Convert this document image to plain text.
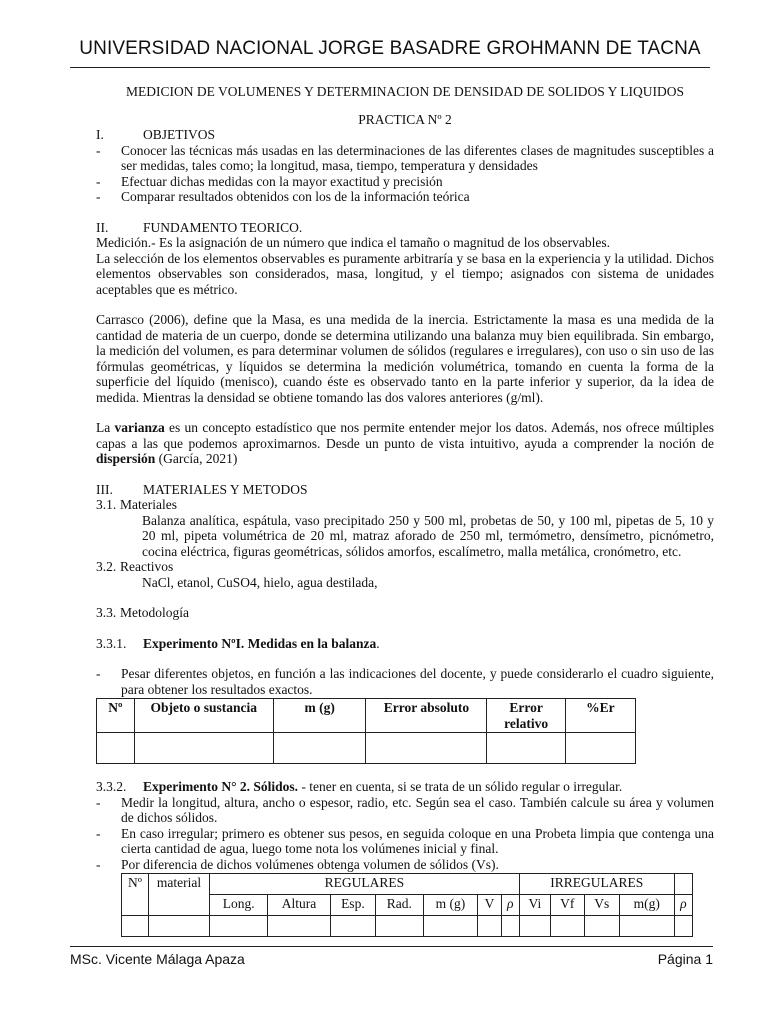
UNIVERSIDAD NACIONAL JORGE BASADRE GROHMANN DE TACNA
MEDICION DE VOLUMENES Y DETERMINACION DE DENSIDAD DE SOLIDOS Y LIQUIDOS
PRACTICA Nº 2
I.	OBJETIVOS
-	Conocer las técnicas más usadas en las determinaciones de las diferentes clases de magnitudes susceptibles a ser medidas, tales como; la longitud, masa, tiempo, temperatura y densidades
-	Efectuar dichas medidas con la mayor exactitud y precisión
-	Comparar resultados obtenidos con los de la información teórica
II.	FUNDAMENTO TEORICO.
Medición.- Es la asignación de un número que indica el tamaño o magnitud de los observables.
La selección de los elementos observables es puramente arbitraría y se basa en la experiencia y la utilidad. Dichos elementos observables son considerados, masa, longitud, y el tiempo; asignados con sistema de unidades aceptables que es métrico.
Carrasco (2006), define que la Masa, es una medida de la inercia. Estrictamente la masa es una medida de la cantidad de materia de un cuerpo, donde se determina utilizando una balanza muy bien equilibrada. Sin embargo, la medición del volumen, es para determinar volumen de sólidos (regulares e irregulares), con uso o sin uso de las fórmulas geométricas, y líquidos se determina la medición volumétrica, tomando en cuenta la forma de la superficie del líquido (menisco), cuando éste es observado tanto en la parte inferior y superior, da la idea de medida. Mientras la densidad se obtiene tomando las dos valores anteriores (g/ml).
La varianza es un concepto estadístico que nos permite entender mejor los datos. Además, nos ofrece múltiples capas a las que podemos aproximarnos. Desde un punto de vista intuitivo, ayuda a comprender la noción de dispersión (García, 2021)
III.	MATERIALES Y METODOS
3.1. Materiales
Balanza analítica, espátula, vaso precipitado 250 y 500 ml, probetas de 50, y 100 ml, pipetas de 5, 10 y 20 ml, pipeta volumétrica de 20 ml, matraz aforado de 250 ml, termómetro, densímetro, picnómetro, cocina eléctrica, figuras geométricas, sólidos amorfos, escalímetro, malla metálica, cronómetro, etc.
3.2. Reactivos
NaCl, etanol, CuSO4, hielo, agua destilada,
3.3. Metodología
3.3.1.	Experimento NºI. Medidas en la balanza.
-	Pesar diferentes objetos, en función a las indicaciones del docente, y puede considerarlo el cuadro siguiente, para obtener los resultados exactos.
Nº	Objeto o sustancia	m (g)	Error absoluto	Error relativo	%Er

3.3.2.	Experimento N° 2. Sólidos. - tener en cuenta, si se trata de un sólido regular o irregular.
-	Medir la longitud, altura, ancho o espesor, radio, etc. Según sea el caso. También calcule su área y volumen de dichos sólidos.
-	En caso irregular; primero es obtener sus pesos, en seguida coloque en una Probeta limpia que contenga una cierta cantidad de agua, luego tome nota los volúmenes inicial y final.
-	Por diferencia de dichos volúmenes obtenga volumen de sólidos (Vs).
Nº	material	REGULARES							IRREGULARES				
		Long.	Altura	Esp.	Rad.	m (g)	V	ρ	Vi	Vf	Vs	m(g)	ρ

MSc. Vicente Málaga Apaza	Página 1
